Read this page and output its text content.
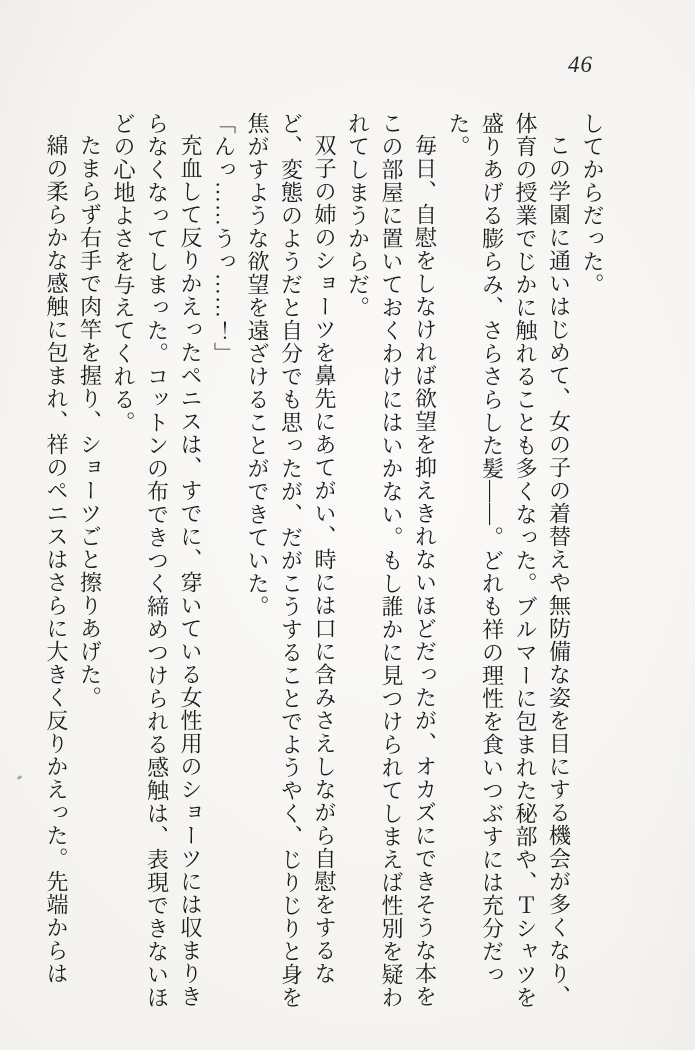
46

してからだった。

この学園に通いはじめて、女の子の着替えや無防備な姿を目にする機会が多くなり、体育の授業でじかに触れることも多くなった。ブルマーに包まれた秘部や、Ｔシャツを盛りあげる膨らみ、さらさらした髪――。どれも祥の理性を食いつぶすには充分だった。

毎日、自慰をしなければ欲望を抑えきれないほどだったが、オカズにできそうな本をこの部屋に置いておくわけにはいかない。もし誰かに見つけられてしまえば性別を疑われてしまうからだ。

双子の姉のショーツを鼻先にあてがい、時には口に含みさえしながら自慰をするなど、変態のようだと自分でも思ったが、だがこうすることでようやく、じりじりと身を焦がすような欲望を遠ざけることができていた。

「んっ……うっ……！」

充血して反りかえったペニスは、すでに、穿いている女性用のショーツには収まりきらなくなってしまった。コットンの布できつく締めつけられる感触は、表現できないほどの心地よさを与えてくれる。

たまらず右手で肉竿を握り、ショーツごと擦りあげた。

綿の柔らかな感触に包まれ、祥のペニスはさらに大きく反りかえった。先端からは
